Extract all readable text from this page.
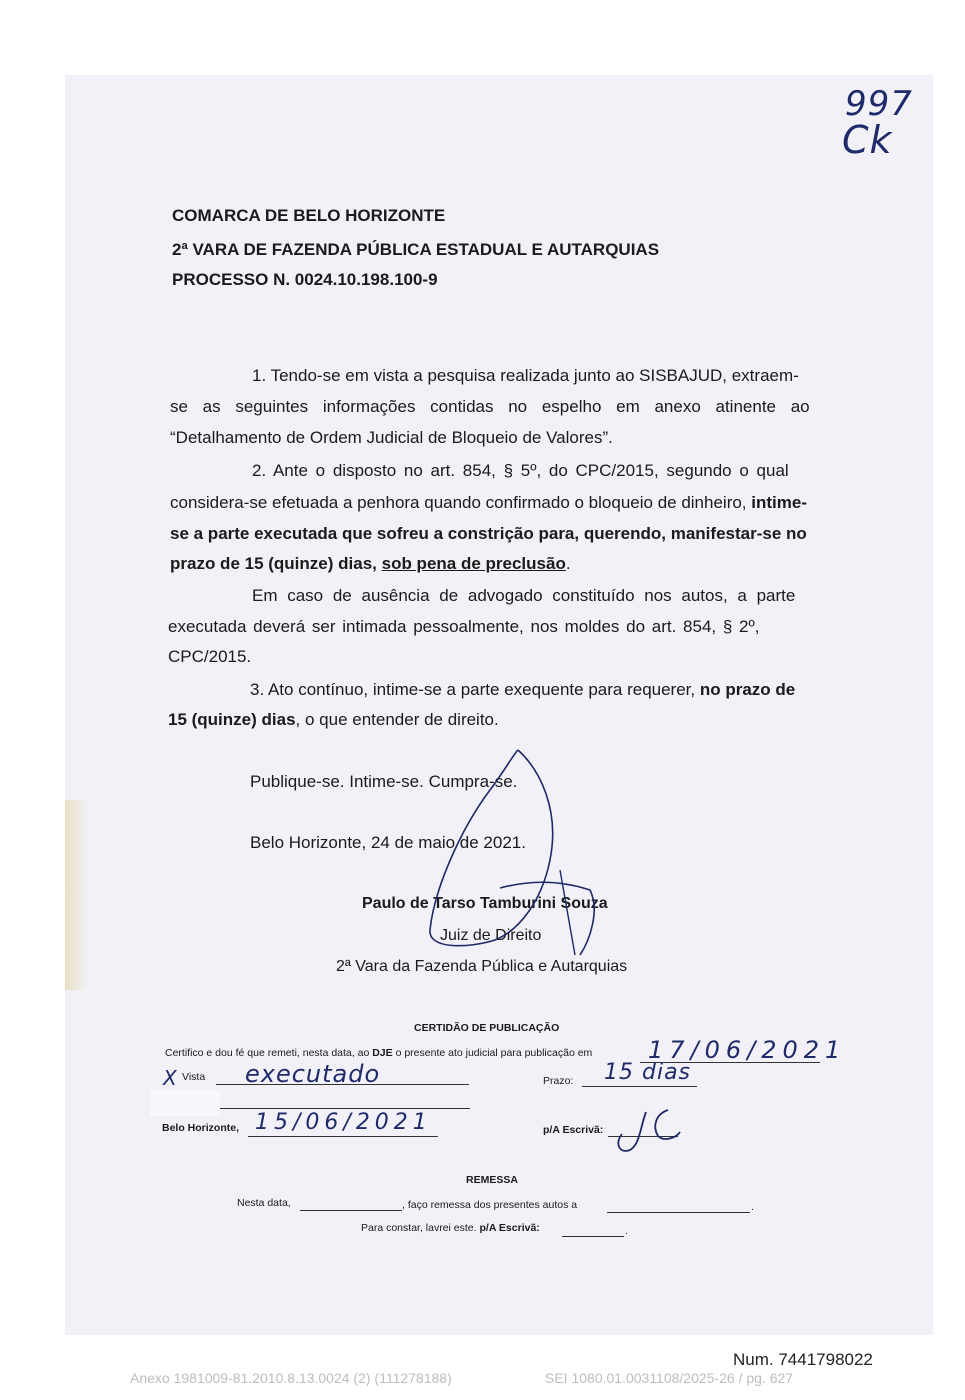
997
Ck
COMARCA DE BELO HORIZONTE
2ª VARA DE FAZENDA PÚBLICA ESTADUAL E AUTARQUIAS
PROCESSO N. 0024.10.198.100-9
1. Tendo-se em vista a pesquisa realizada junto ao SISBAJUD, extraem-
se as seguintes informações contidas no espelho em anexo atinente ao
“Detalhamento de Ordem Judicial de Bloqueio de Valores”.
2. Ante o disposto no art. 854, § 5º, do CPC/2015, segundo o qual
considera-se efetuada a penhora quando confirmado o bloqueio de dinheiro, intime-
se a parte executada que sofreu a constrição para, querendo, manifestar-se no
prazo de 15 (quinze) dias, sob pena de preclusão.
Em caso de ausência de advogado constituído nos autos, a parte
executada deverá ser intimada pessoalmente, nos moldes do art. 854, § 2º,
CPC/2015.
3. Ato contínuo, intime-se a parte exequente para requerer, no prazo de
15 (quinze) dias, o que entender de direito.
Publique-se. Intime-se. Cumpra-se.
Belo Horizonte, 24 de maio de 2021.
Paulo de Tarso Tamburini Souza
Juiz de Direito
2ª Vara da Fazenda Pública e Autarquias
CERTIDÃO DE PUBLICAÇÃO
Certifico e dou fé que remeti, nesta data, ao DJE o presente ato judicial para publicação em 17/06/2021
X Vista executado	Prazo: 15 dias
Belo Horizonte, 15/06/2021	p/A Escrivã:
REMESSA
Nesta data,	, faço remessa dos presentes autos a	.
Para constar, lavrei este. p/A Escrivã:	.
Num. 7441798022
Anexo 1981009-81.2010.8.13.0024 (2) (111278188)	SEI 1080.01.0031108/2025-26 / pg. 627
